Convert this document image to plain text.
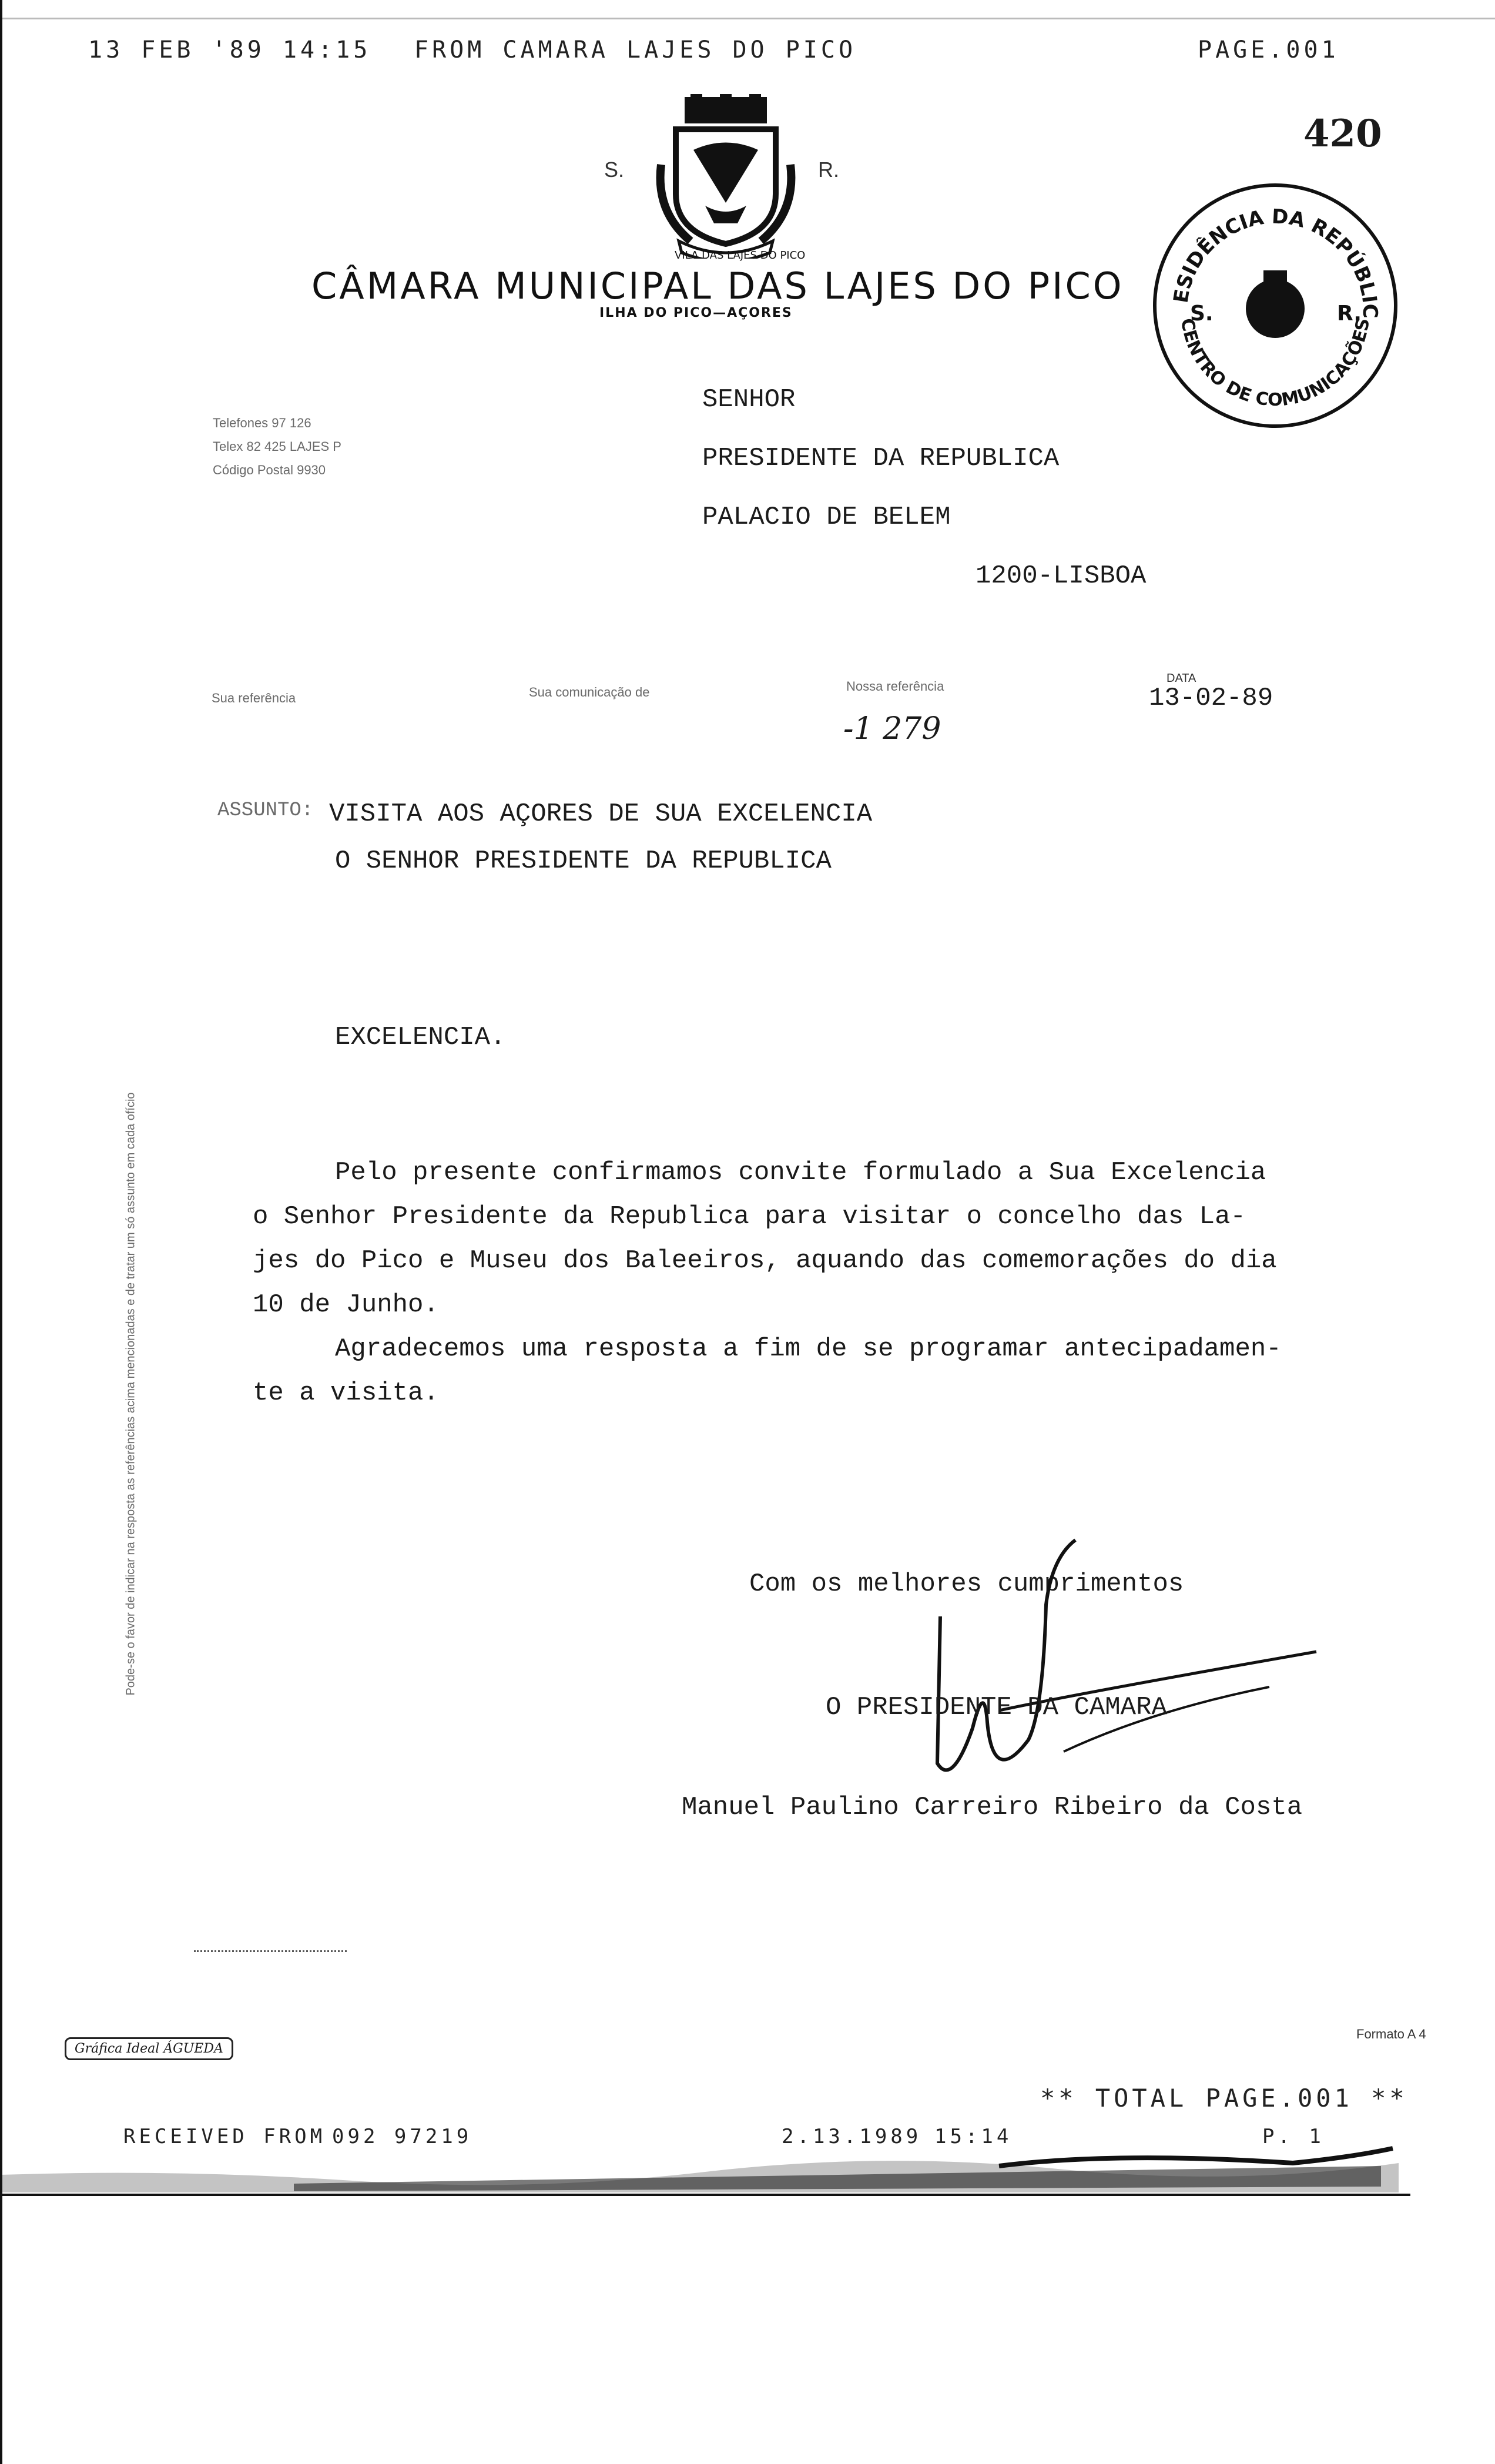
13 FEB '89 14:15 FROM CAMARA LAJES DO PICO	PAGE.001
420
VILA DAS LAJES DO PICO
S.	R.
CÂMARA MUNICIPAL DAS LAJES DO PICO
ILHA DO PICO—AÇORES
Telefones 97 126
Telex 82 425 LAJES P
Código Postal 9930
ESIDÊNCIA DA REPÚBLIC
CENTRO DE COMUNICAÇÕES
S.	R.
SENHOR
PRESIDENTE DA REPUBLICA
PALACIO DE BELEM
1200-LISBOA
Sua referência	Sua comunicação de	Nossa referência
-1 279
DATA
13-02-89
ASSUNTO: VISITA AOS AÇORES DE SUA EXCELENCIA
O SENHOR PRESIDENTE DA REPUBLICA
EXCELENCIA.
Pelo presente confirmamos convite formulado a Sua Excelencia
o Senhor Presidente da Republica para visitar o concelho das La-
jes do Pico e Museu dos Baleeiros, aquando das comemorações do dia
10 de Junho.
Agradecemos uma resposta a fim de se programar antecipadamen-
te a visita.
Com os melhores cumprimentos
O PRESIDENTE DA CAMARA
Manuel Paulino Carreiro Ribeiro da Costa
Pode-se o favor de indicar na resposta as referências acima mencionadas e de tratar um só assunto em cada ofício
Gráfica Ideal ÁGUEDA
Formato A 4
** TOTAL PAGE.001 **
RECEIVED FROM 092 97219	2.13.1989 15:14	P. 1
